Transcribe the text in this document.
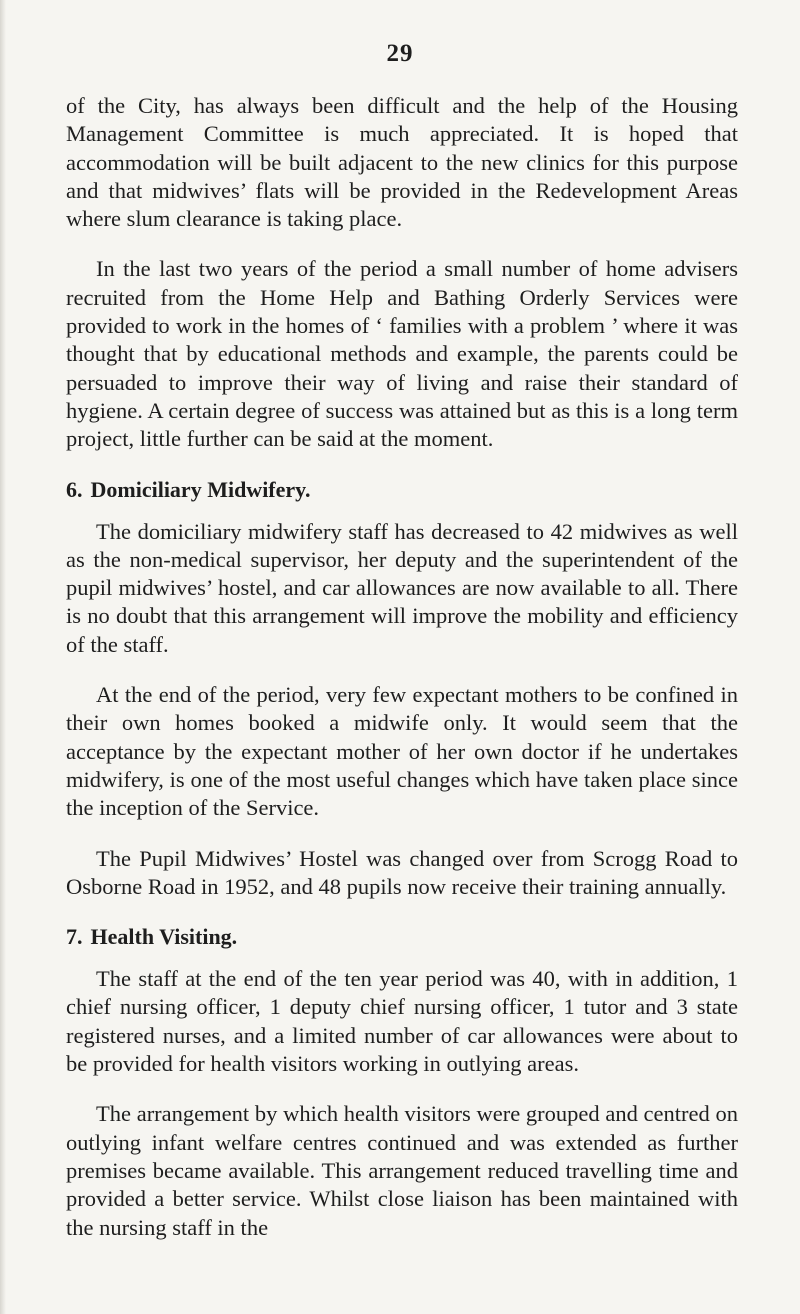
29

of the City, has always been difficult and the help of the Housing Management Committee is much appreciated. It is hoped that accommodation will be built adjacent to the new clinics for this purpose and that midwives’ flats will be provided in the Redevelopment Areas where slum clearance is taking place.

In the last two years of the period a small number of home advisers recruited from the Home Help and Bathing Orderly Services were provided to work in the homes of ‘ families with a problem ’ where it was thought that by educational methods and example, the parents could be persuaded to improve their way of living and raise their standard of hygiene. A certain degree of success was attained but as this is a long term project, little further can be said at the moment.

6. Domiciliary Midwifery.

The domiciliary midwifery staff has decreased to 42 midwives as well as the non-medical supervisor, her deputy and the superintendent of the pupil midwives’ hostel, and car allowances are now available to all. There is no doubt that this arrangement will improve the mobility and efficiency of the staff.

At the end of the period, very few expectant mothers to be confined in their own homes booked a midwife only. It would seem that the acceptance by the expectant mother of her own doctor if he undertakes midwifery, is one of the most useful changes which have taken place since the inception of the Service.

The Pupil Midwives’ Hostel was changed over from Scrogg Road to Osborne Road in 1952, and 48 pupils now receive their training annually.

7. Health Visiting.

The staff at the end of the ten year period was 40, with in addition, 1 chief nursing officer, 1 deputy chief nursing officer, 1 tutor and 3 state registered nurses, and a limited number of car allowances were about to be provided for health visitors working in outlying areas.

The arrangement by which health visitors were grouped and centred on outlying infant welfare centres continued and was extended as further premises became available. This arrangement reduced travelling time and provided a better service. Whilst close liaison has been maintained with the nursing staff in the
